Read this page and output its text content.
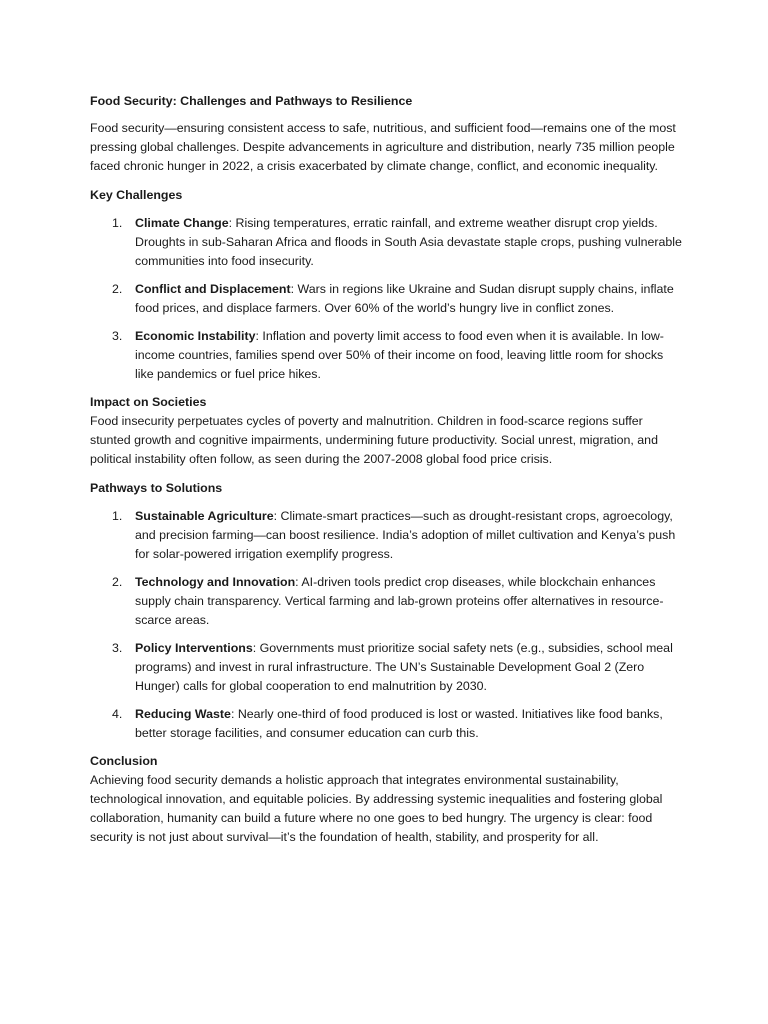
Food Security: Challenges and Pathways to Resilience

Food security—ensuring consistent access to safe, nutritious, and sufficient food—remains one of the most pressing global challenges. Despite advancements in agriculture and distribution, nearly 735 million people faced chronic hunger in 2022, a crisis exacerbated by climate change, conflict, and economic inequality.

Key Challenges
1. Climate Change: Rising temperatures, erratic rainfall, and extreme weather disrupt crop yields. Droughts in sub-Saharan Africa and floods in South Asia devastate staple crops, pushing vulnerable communities into food insecurity.
2. Conflict and Displacement: Wars in regions like Ukraine and Sudan disrupt supply chains, inflate food prices, and displace farmers. Over 60% of the world’s hungry live in conflict zones.
3. Economic Instability: Inflation and poverty limit access to food even when it is available. In low-income countries, families spend over 50% of their income on food, leaving little room for shocks like pandemics or fuel price hikes.
Impact on Societies
Food insecurity perpetuates cycles of poverty and malnutrition. Children in food-scarce regions suffer stunted growth and cognitive impairments, undermining future productivity. Social unrest, migration, and political instability often follow, as seen during the 2007-2008 global food price crisis.
Pathways to Solutions
1. Sustainable Agriculture: Climate-smart practices—such as drought-resistant crops, agroecology, and precision farming—can boost resilience. India’s adoption of millet cultivation and Kenya’s push for solar-powered irrigation exemplify progress.
2. Technology and Innovation: AI-driven tools predict crop diseases, while blockchain enhances supply chain transparency. Vertical farming and lab-grown proteins offer alternatives in resource-scarce areas.
3. Policy Interventions: Governments must prioritize social safety nets (e.g., subsidies, school meal programs) and invest in rural infrastructure. The UN’s Sustainable Development Goal 2 (Zero Hunger) calls for global cooperation to end malnutrition by 2030.
4. Reducing Waste: Nearly one-third of food produced is lost or wasted. Initiatives like food banks, better storage facilities, and consumer education can curb this.
Conclusion
Achieving food security demands a holistic approach that integrates environmental sustainability, technological innovation, and equitable policies. By addressing systemic inequalities and fostering global collaboration, humanity can build a future where no one goes to bed hungry. The urgency is clear: food security is not just about survival—it’s the foundation of health, stability, and prosperity for all.
